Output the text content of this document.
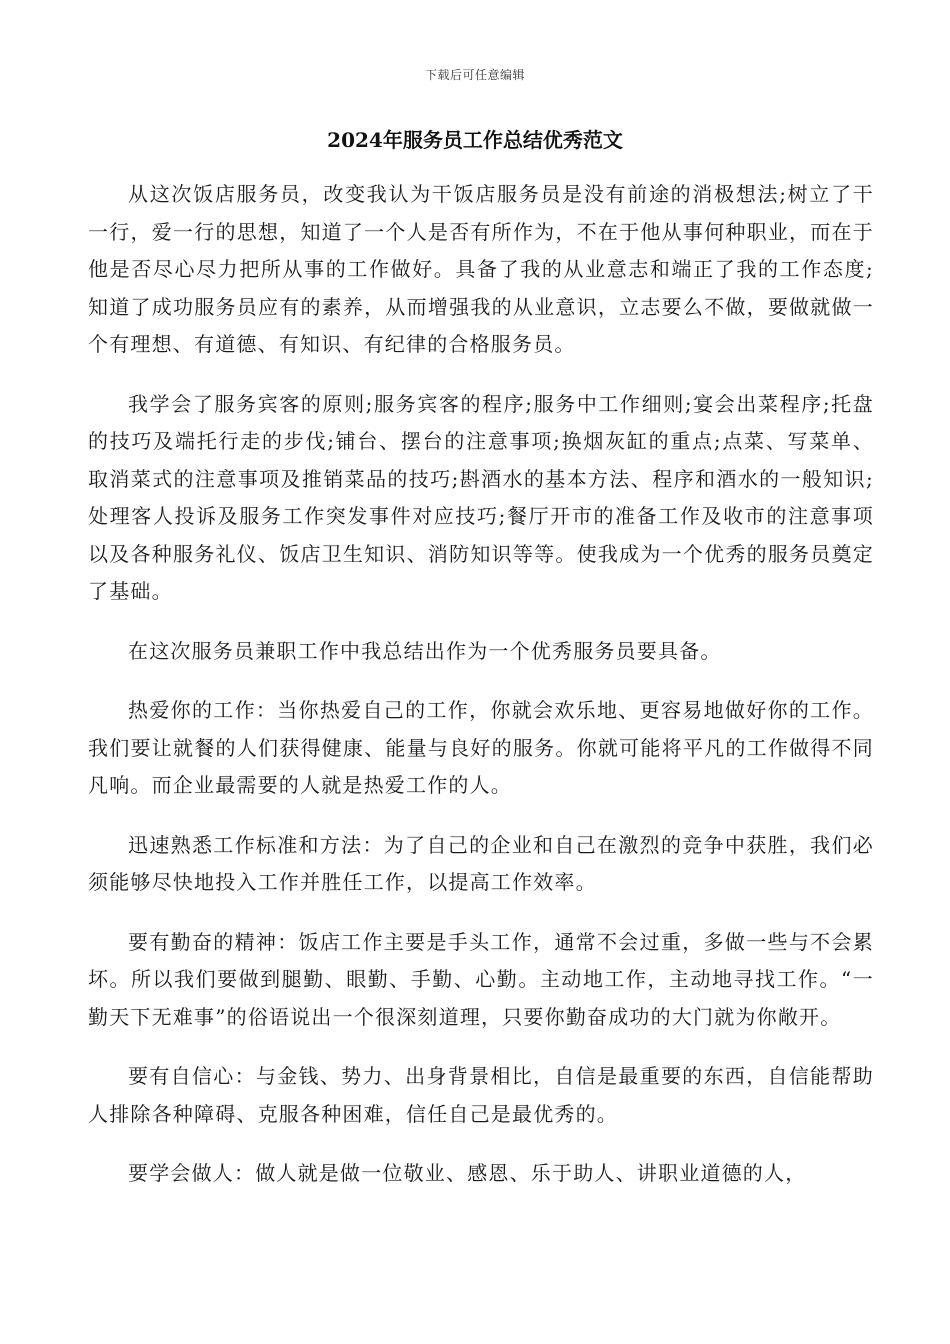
下载后可任意编辑
2024年服务员工作总结优秀范文

从这次饭店服务员，改变我认为干饭店服务员是没有前途的消极想法;树立了干一行，爱一行的思想，知道了一个人是否有所作为，不在于他从事何种职业，而在于他是否尽心尽力把所从事的工作做好。具备了我的从业意志和端正了我的工作态度;知道了成功服务员应有的素养，从而增强我的从业意识，立志要么不做，要做就做一个有理想、有道德、有知识、有纪律的合格服务员。

我学会了服务宾客的原则;服务宾客的程序;服务中工作细则;宴会出菜程序;托盘的技巧及端托行走的步伐;铺台、摆台的注意事项;换烟灰缸的重点;点菜、写菜单、取消菜式的注意事项及推销菜品的技巧;斟酒水的基本方法、程序和酒水的一般知识;处理客人投诉及服务工作突发事件对应技巧;餐厅开市的准备工作及收市的注意事项以及各种服务礼仪、饭店卫生知识、消防知识等等。使我成为一个优秀的服务员奠定了基础。

在这次服务员兼职工作中我总结出作为一个优秀服务员要具备。

热爱你的工作：当你热爱自己的工作，你就会欢乐地、更容易地做好你的工作。我们要让就餐的人们获得健康、能量与良好的服务。你就可能将平凡的工作做得不同凡响。而企业最需要的人就是热爱工作的人。

迅速熟悉工作标准和方法：为了自己的企业和自己在激烈的竞争中获胜，我们必须能够尽快地投入工作并胜任工作，以提高工作效率。

要有勤奋的精神：饭店工作主要是手头工作，通常不会过重，多做一些与不会累坏。所以我们要做到腿勤、眼勤、手勤、心勤。主动地工作，主动地寻找工作。“一勤天下无难事”的俗语说出一个很深刻道理，只要你勤奋成功的大门就为你敞开。

要有自信心：与金钱、势力、出身背景相比，自信是最重要的东西，自信能帮助人排除各种障碍、克服各种困难，信任自己是最优秀的。

要学会做人：做人就是做一位敬业、感恩、乐于助人、讲职业道德的人，
